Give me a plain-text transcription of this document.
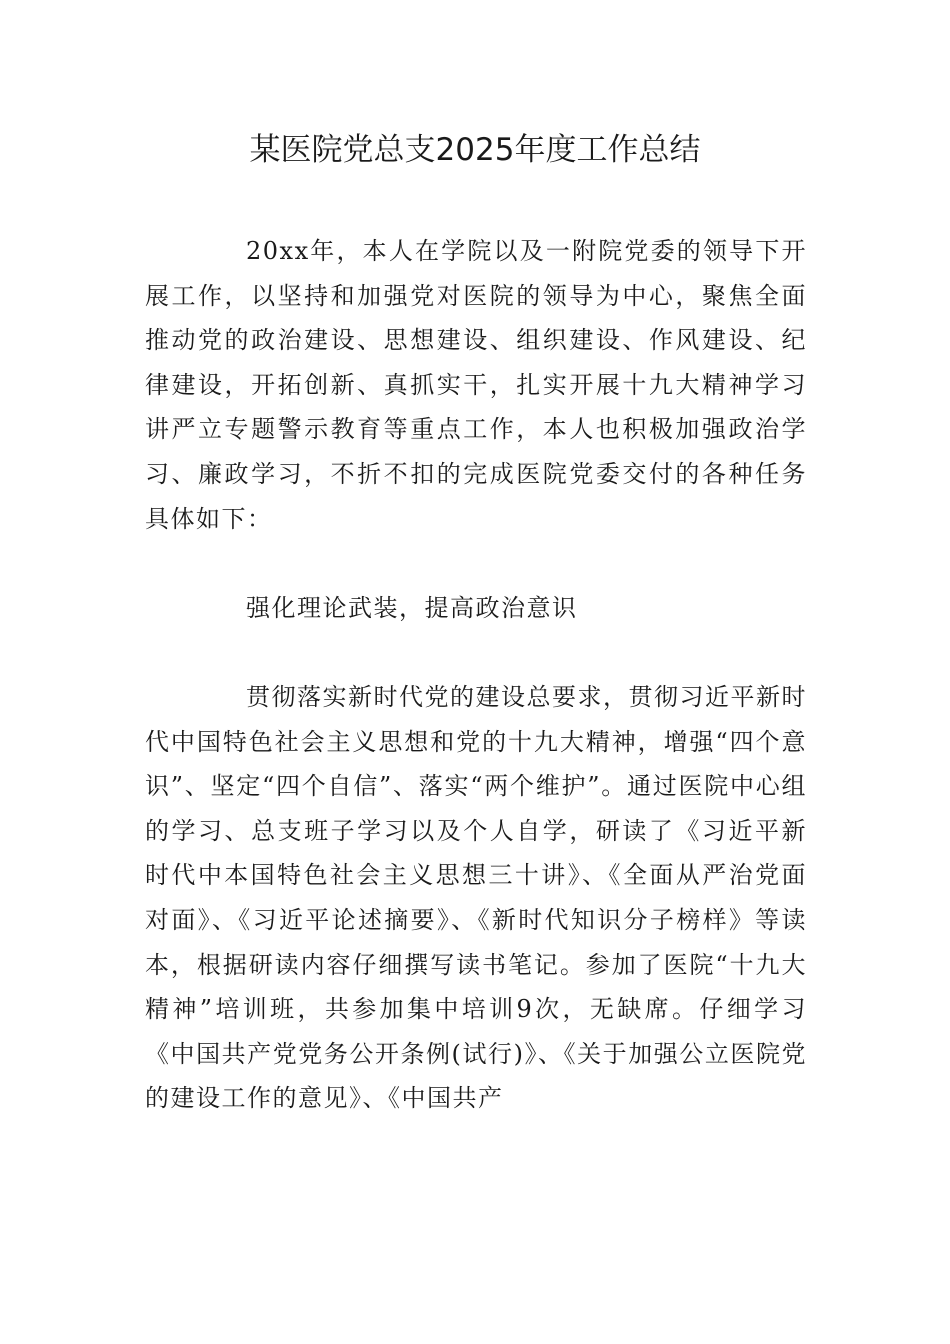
某医院党总支2025年度工作总结

20xx年，本人在学院以及一附院党委的领导下开展工作，以坚持和加强党对医院的领导为中心，聚焦全面推动党的政治建设、思想建设、组织建设、作风建设、纪律建设，开拓创新、真抓实干，扎实开展十九大精神学习讲严立专题警示教育等重点工作，本人也积极加强政治学习、廉政学习，不折不扣的完成医院党委交付的各种任务具体如下：

强化理论武装，提高政治意识

贯彻落实新时代党的建设总要求，贯彻习近平新时代中国特色社会主义思想和党的十九大精神，增强“四个意识”、坚定“四个自信”、落实“两个维护”。通过医院中心组的学习、总支班子学习以及个人自学，研读了《习近平新时代中本国特色社会主义思想三十讲》、《全面从严治党面对面》、《习近平论述摘要》、《新时代知识分子榜样》等读本，根据研读内容仔细撰写读书笔记。参加了医院“十九大精神”培训班，共参加集中培训9次，无缺席。仔细学习《中国共产党党务公开条例(试行)》、《关于加强公立医院党的建设工作的意见》、《中国共产
